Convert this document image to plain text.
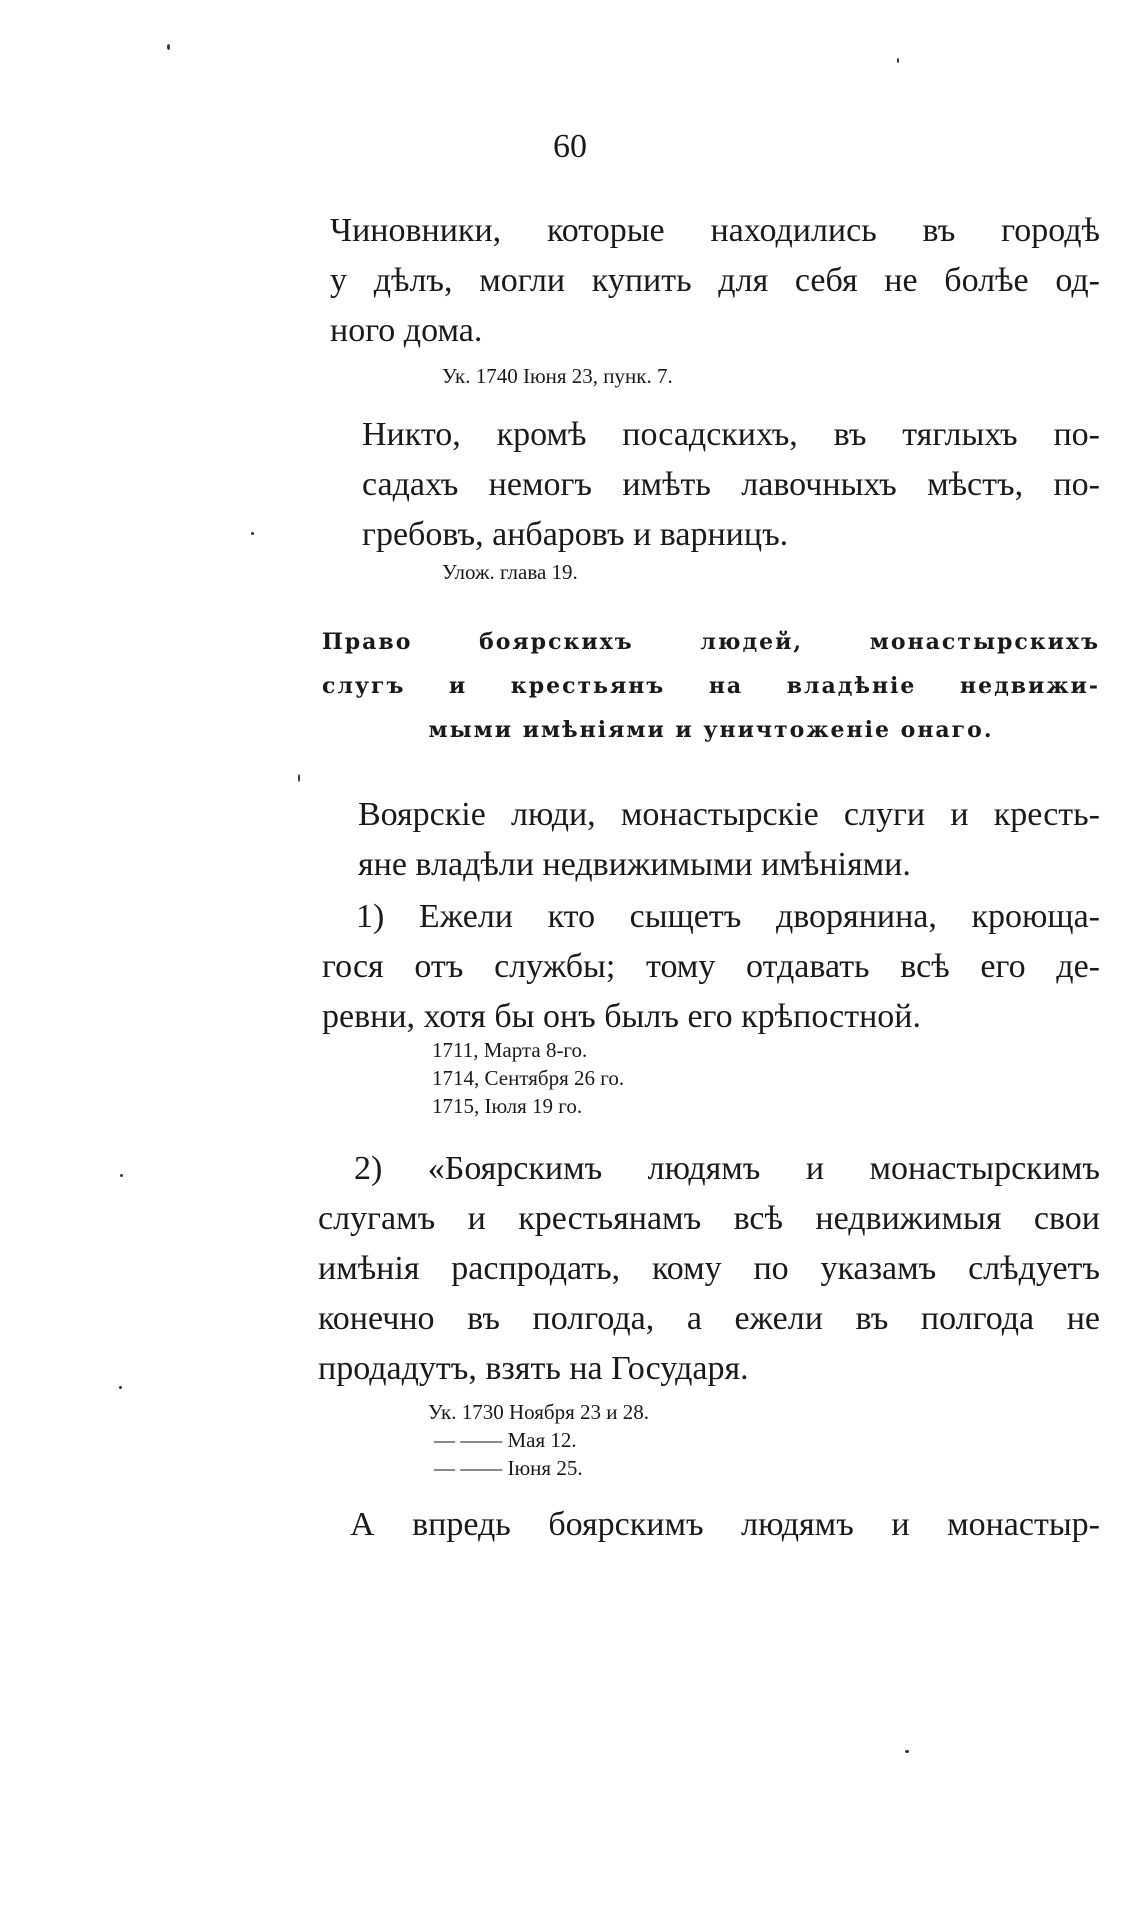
60

Чиновники, которые находились въ городѣ
у дѣлъ, могли купить для себя не болѣе од-
ного дома.

Ук. 1740 Іюня 23, пунк. 7.

Никто, кромѣ посадскихъ, въ тяглыхъ по-
садахъ немогъ имѣть лавочныхъ мѣстъ, по-
гребовъ, анбаровъ и варницъ.

Улож. глава 19.

Право боярскихъ людей, монастырскихъ
слугъ и крестьянъ на владѣніе недвижи-
мыми имѣніями и уничтоженіе онаго.

Воярскіе люди, монастырскіе слуги и кресть-
яне владѣли недвижимыми имѣніями.

1) Ежели кто сыщетъ дворянина, кроюща-
гося отъ службы; тому отдавать всѣ его де-
ревни, хотя бы онъ былъ его крѣпостной.

1711, Марта 8-го.
1714, Сентября 26 го.
1715, Іюля 19 го.

2) «Боярскимъ людямъ и монастырскимъ
слугамъ и крестьянамъ всѣ недвижимыя свои
имѣнія распродать, кому по указамъ слѣдуетъ
конечно въ полгода, а ежели въ полгода не
продадутъ, взять на Государя.

Ук. 1730 Ноября 23 и 28.
— —— Мая 12.
— —— Іюня 25.

А впредь боярскимъ людямъ и монастыр-
